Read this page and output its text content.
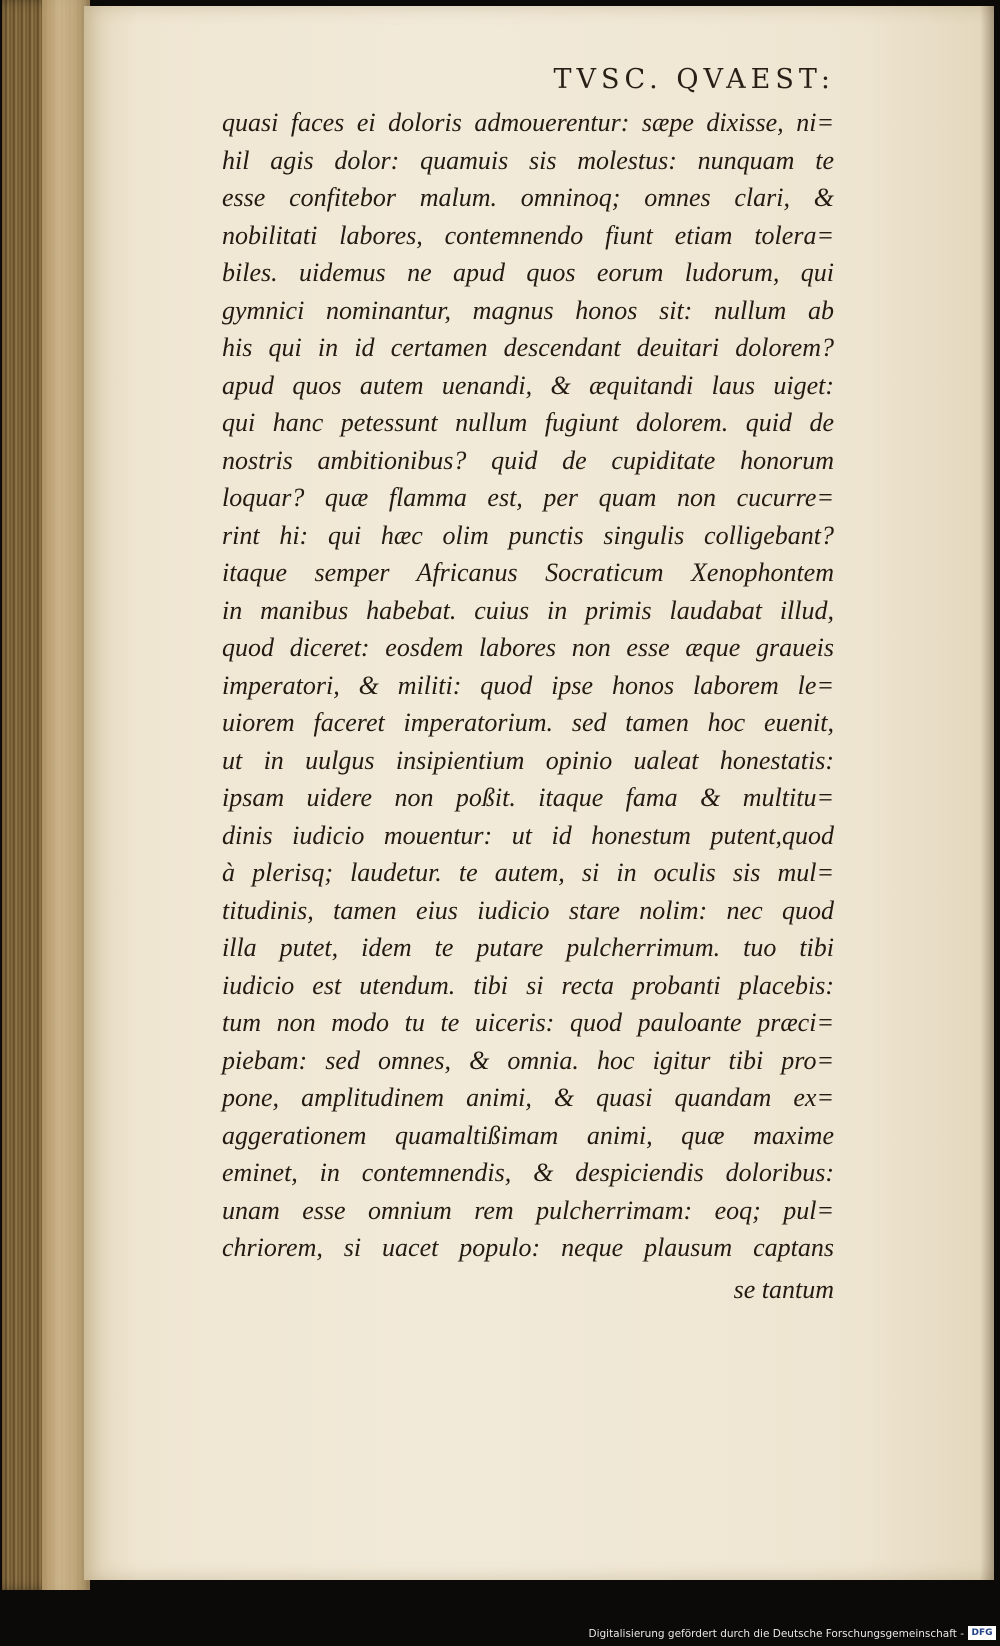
TVSC. QVAEST:
quasi faces ei doloris admouerentur: sæpe dixisse, ni=
hil agis dolor: quamuis sis molestus: nunquam te
esse confitebor malum. omninoq; omnes clari, &
nobilitati labores, contemnendo fiunt etiam tolera=
biles. uidemus ne apud quos eorum ludorum, qui
gymnici nominantur, magnus honos sit: nullum ab
his qui in id certamen descendant deuitari dolorem?
apud quos autem uenandi, & æquitandi laus uiget:
qui hanc petessunt nullum fugiunt dolorem. quid de
nostris ambitionibus? quid de cupiditate honorum
loquar? quæ flamma est, per quam non cucurre=
rint hi: qui hæc olim punctis singulis colligebant?
itaque semper Africanus Socraticum Xenophontem
in manibus habebat. cuius in primis laudabat illud,
quod diceret: eosdem labores non esse æque graueis
imperatori, & militi: quod ipse honos laborem le=
uiorem faceret imperatorium. sed tamen hoc euenit,
ut in uulgus insipientium opinio ualeat honestatis:
ipsam uidere non poßit. itaque fama & multitu=
dinis iudicio mouentur: ut id honestum putent,quod
à plerisq; laudetur. te autem, si in oculis sis mul=
titudinis, tamen eius iudicio stare nolim: nec quod
illa putet, idem te putare pulcherrimum. tuo tibi
iudicio est utendum. tibi si recta probanti placebis:
tum non modo tu te uiceris: quod pauloante præci=
piebam: sed omnes, & omnia. hoc igitur tibi pro=
pone, amplitudinem animi, & quasi quandam ex=
aggerationem quamaltißimam animi, quæ maxime
eminet, in contemnendis, & despiciendis doloribus:
unam esse omnium rem pulcherrimam: eoq; pul=
chriorem, si uacet populo: neque plausum captans
se tantum
Digitalisierung gefördert durch die Deutsche Forschungsgemeinschaft - DFG
